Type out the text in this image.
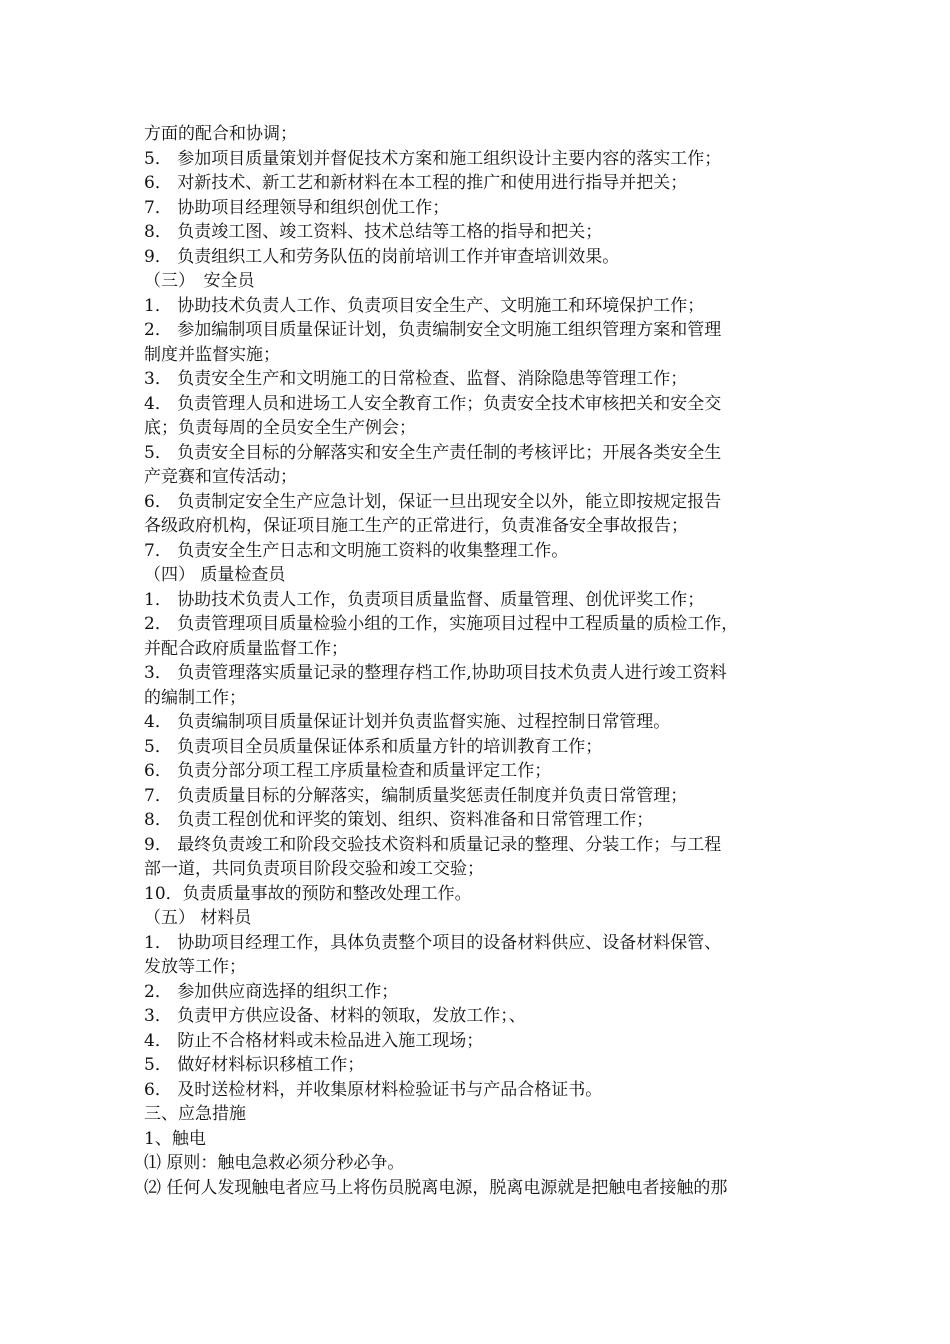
方面的配合和协调；
5． 参加项目质量策划并督促技术方案和施工组织设计主要内容的落实工作；
6． 对新技术、新工艺和新材料在本工程的推广和使用进行指导并把关；
7． 协助项目经理领导和组织创优工作；
8． 负责竣工图、竣工资料、技术总结等工格的指导和把关；
9． 负责组织工人和劳务队伍的岗前培训工作并审查培训效果。
（三）　安全员
1． 协助技术负责人工作、负责项目安全生产、文明施工和环境保护工作；
2． 参加编制项目质量保证计划，负责编制安全文明施工组织管理方案和管理
制度并监督实施；
3． 负责安全生产和文明施工的日常检查、监督、消除隐患等管理工作；
4． 负责管理人员和进场工人安全教育工作；负责安全技术审核把关和安全交
底；负责每周的全员安全生产例会；
5． 负责安全目标的分解落实和安全生产责任制的考核评比；开展各类安全生
产竞赛和宣传活动；
6． 负责制定安全生产应急计划，保证一旦出现安全以外，能立即按规定报告
各级政府机构，保证项目施工生产的正常进行，负责准备安全事故报告；
7． 负责安全生产日志和文明施工资料的收集整理工作。
（四） 质量检查员
1． 协助技术负责人工作，负责项目质量监督、质量管理、创优评奖工作；
2． 负责管理项目质量检验小组的工作，实施项目过程中工程质量的质检工作，
并配合政府质量监督工作；
3． 负责管理落实质量记录的整理存档工作,协助项目技术负责人进行竣工资料
的编制工作；
4． 负责编制项目质量保证计划并负责监督实施、过程控制日常管理。
5． 负责项目全员质量保证体系和质量方针的培训教育工作；
6． 负责分部分项工程工序质量检查和质量评定工作；
7． 负责质量目标的分解落实，编制质量奖惩责任制度并负责日常管理；
8． 负责工程创优和评奖的策划、组织、资料准备和日常管理工作；
9． 最终负责竣工和阶段交验技术资料和质量记录的整理、分装工作；与工程
部一道，共同负责项目阶段交验和竣工交验；
10．负责质量事故的预防和整改处理工作。
（五） 材料员
1． 协助项目经理工作，具体负责整个项目的设备材料供应、设备材料保管、
发放等工作；
2． 参加供应商选择的组织工作；
3． 负责甲方供应设备、材料的领取，发放工作；、
4． 防止不合格材料或未检品进入施工现场；
5． 做好材料标识移植工作；
6． 及时送检材料，并收集原材料检验证书与产品合格证书。
三、应急措施
1、触电
⑴ 原则：触电急救必须分秒必争。
⑵ 任何人发现触电者应马上将伤员脱离电源，脱离电源就是把触电者接触的那
